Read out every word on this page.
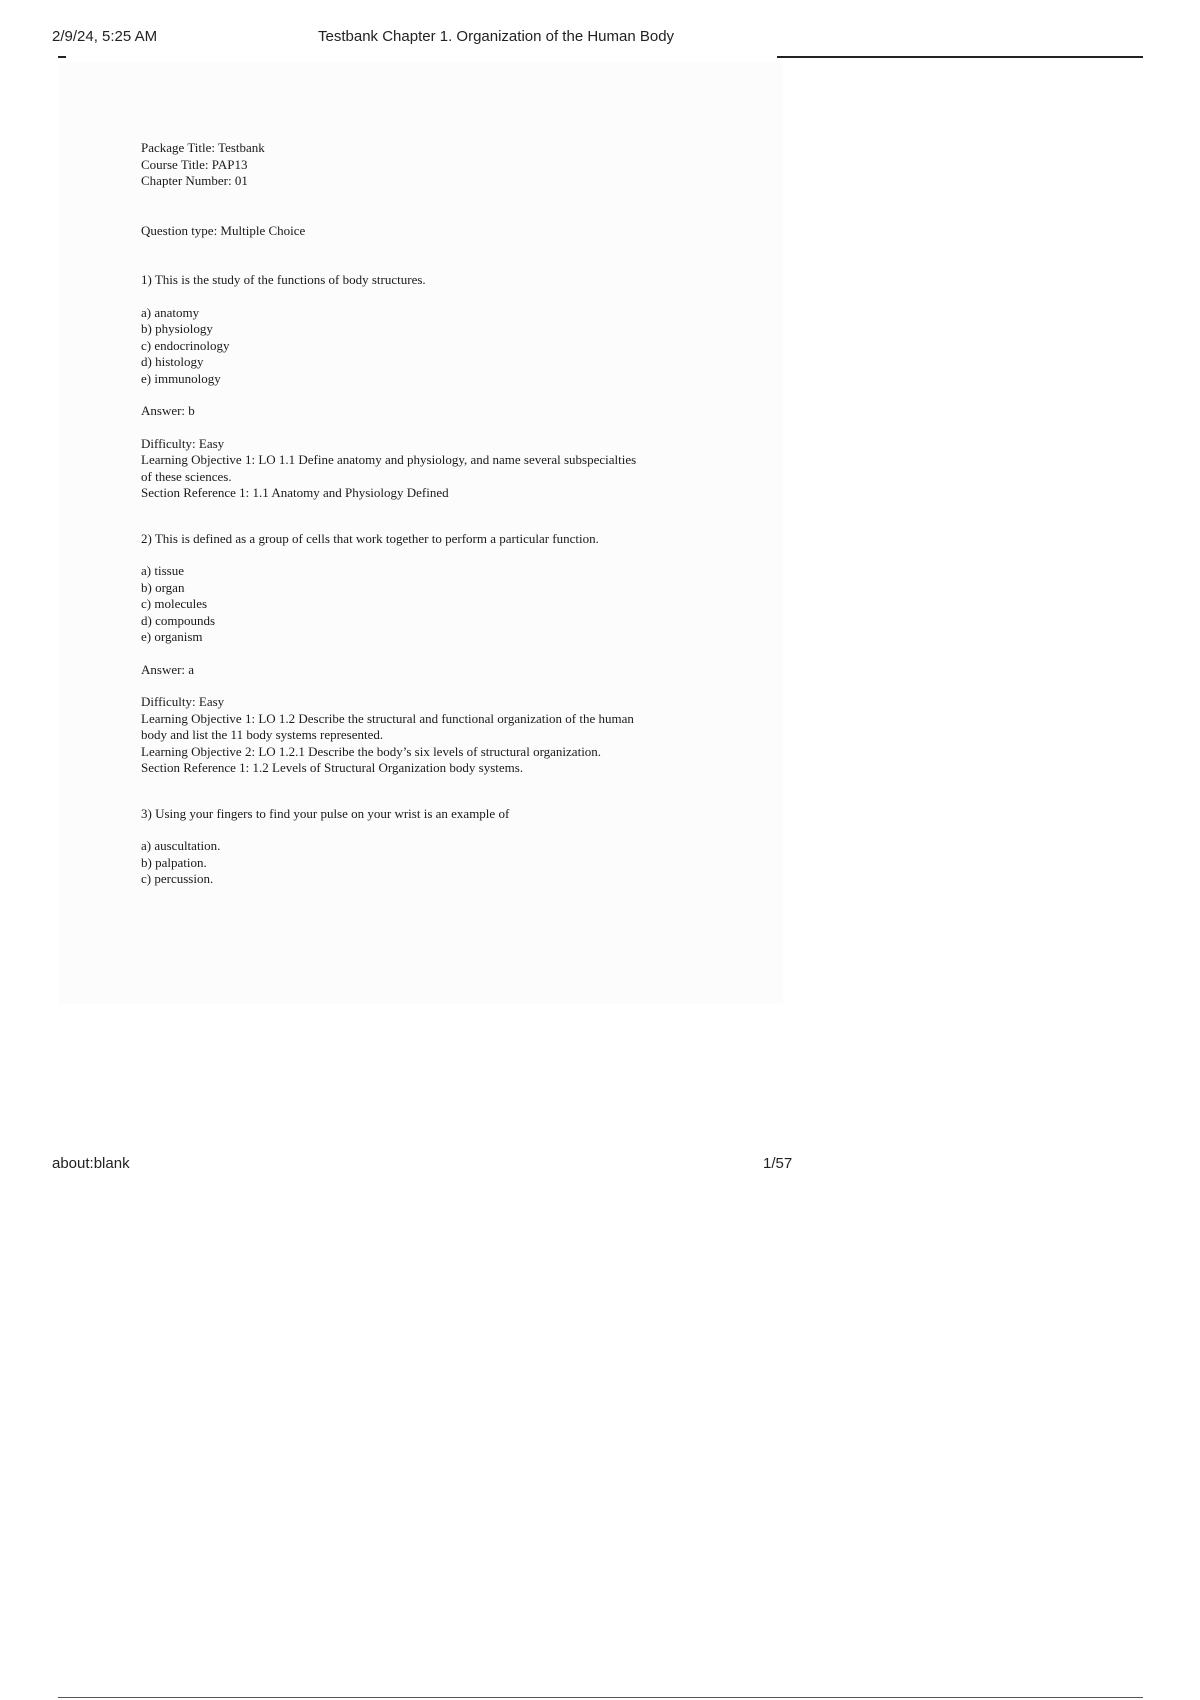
2/9/24, 5:25 AM	Testbank Chapter 1. Organization of the Human Body
Package Title: Testbank
Course Title: PAP13
Chapter Number: 01
Question type: Multiple Choice
1) This is the study of the functions of body structures.
a) anatomy
b) physiology
c) endocrinology
d) histology
e) immunology
Answer: b
Difficulty: Easy
Learning Objective 1: LO 1.1 Define anatomy and physiology, and name several subspecialties
of these sciences.
Section Reference 1: 1.1 Anatomy and Physiology Defined
2) This is defined as a group of cells that work together to perform a particular function.
a) tissue
b) organ
c) molecules
d) compounds
e) organism
Answer: a
Difficulty: Easy
Learning Objective 1: LO 1.2 Describe the structural and functional organization of the human
body and list the 11 body systems represented.
Learning Objective 2: LO 1.2.1 Describe the body’s six levels of structural organization.
Section Reference 1: 1.2 Levels of Structural Organization body systems.
3) Using your fingers to find your pulse on your wrist is an example of
a) auscultation.
b) palpation.
c) percussion.
about:blank	1/57
